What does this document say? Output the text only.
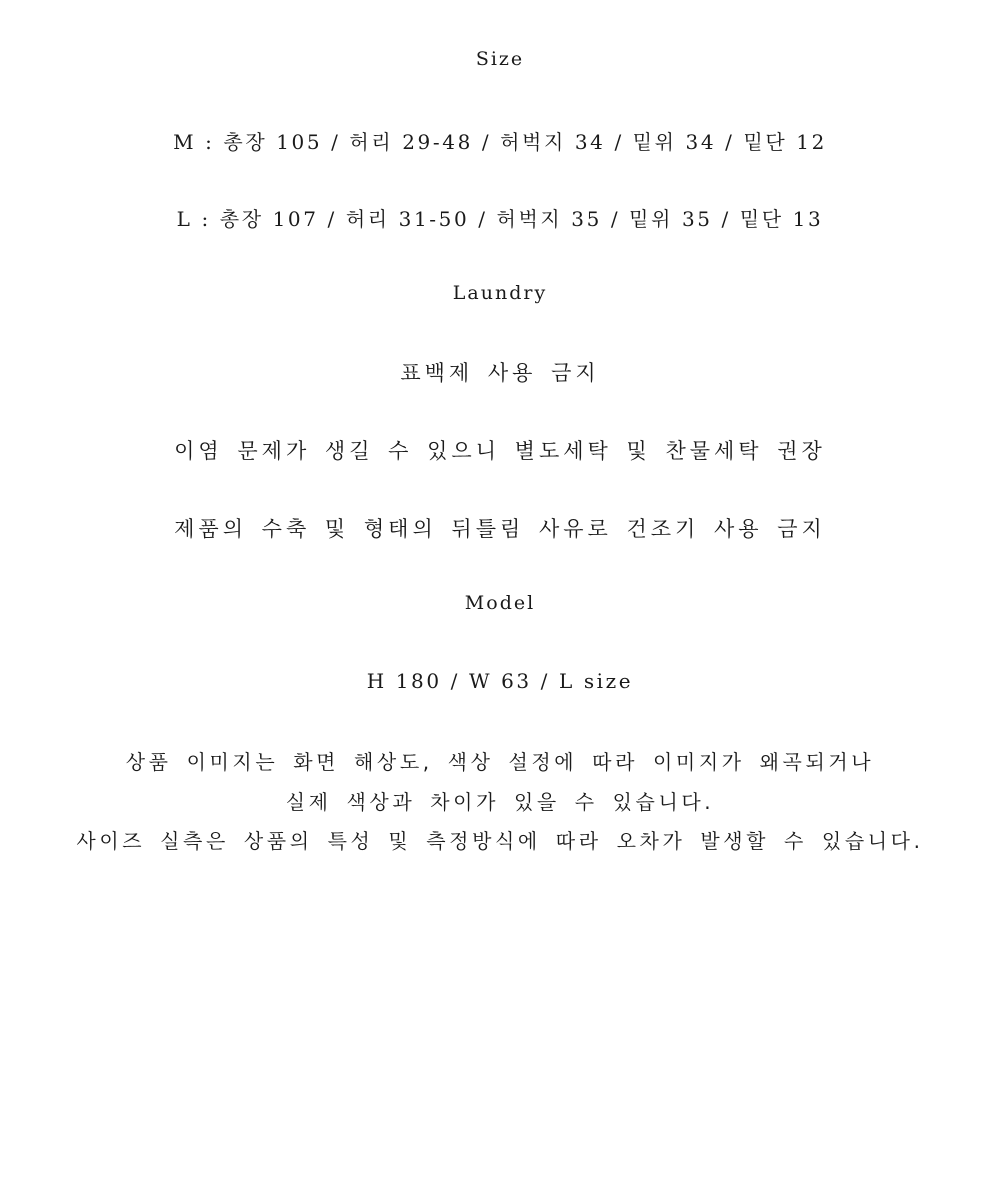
Size
M : 총장 105 / 허리 29-48 / 허벅지 34 / 밑위 34 / 밑단 12
L : 총장 107 / 허리 31-50 / 허벅지 35 / 밑위 35 / 밑단 13
Laundry
표백제 사용 금지
이염 문제가 생길 수 있으니 별도세탁 및 찬물세탁 권장
제품의 수축 및 형태의 뒤틀림 사유로 건조기 사용 금지
Model
H 180 / W 63 / L size
상품 이미지는 화면 해상도, 색상 설정에 따라 이미지가 왜곡되거나
실제 색상과 차이가 있을 수 있습니다.
사이즈 실측은 상품의 특성 및 측정방식에 따라 오차가 발생할 수 있습니다.
